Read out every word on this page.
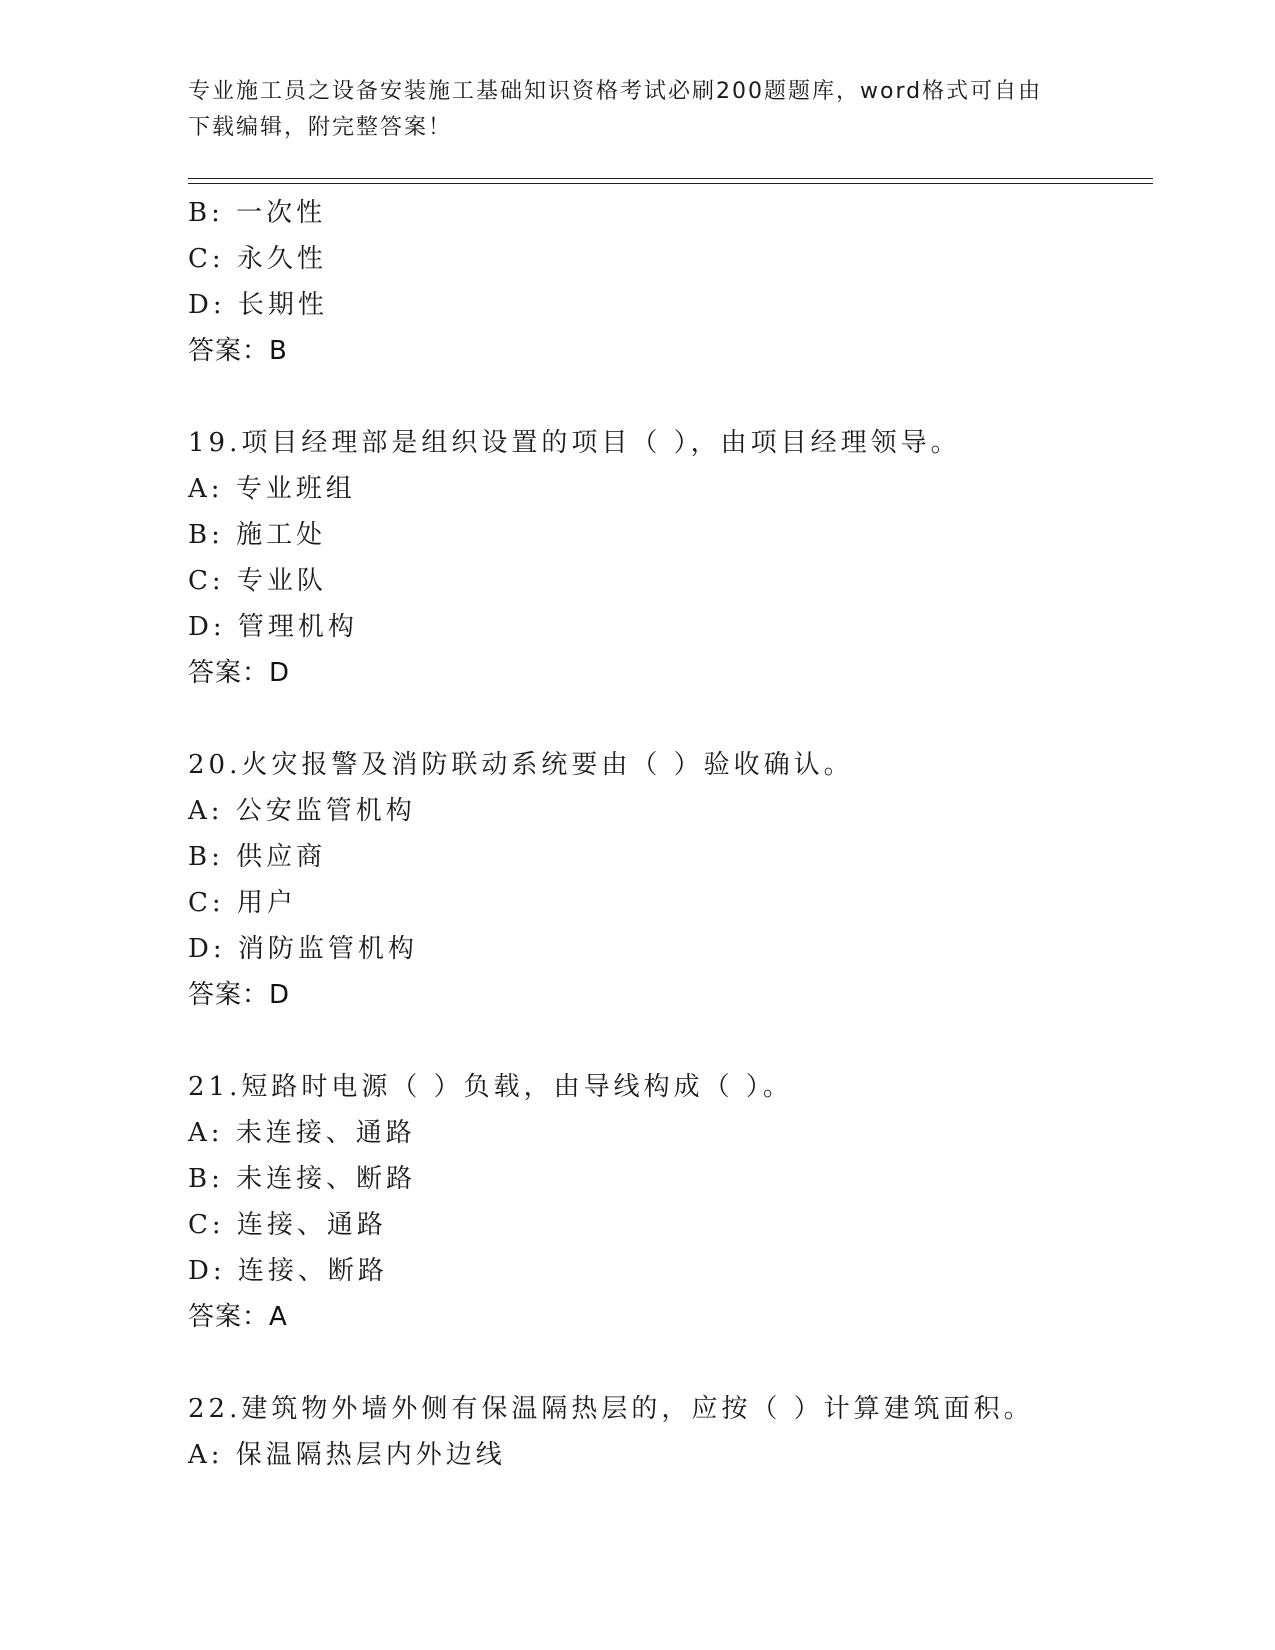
专业施工员之设备安装施工基础知识资格考试必刷200题题库，word格式可自由
下载编辑，附完整答案！
B: 一次性
C: 永久性
D: 长期性
答案：B
19.项目经理部是组织设置的项目（ ），由项目经理领导。
A: 专业班组
B: 施工处
C: 专业队
D: 管理机构
答案：D
20.火灾报警及消防联动系统要由（ ）验收确认。
A: 公安监管机构
B: 供应商
C: 用户
D: 消防监管机构
答案：D
21.短路时电源（ ）负载，由导线构成（ ）。
A: 未连接、通路
B: 未连接、断路
C: 连接、通路
D: 连接、断路
答案：A
22.建筑物外墙外侧有保温隔热层的，应按（ ）计算建筑面积。
A: 保温隔热层内外边线
